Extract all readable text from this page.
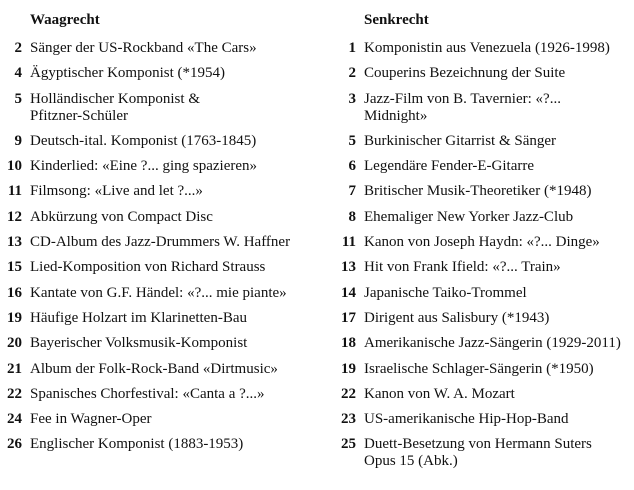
Waagrecht
2 Sänger der US-Rockband «The Cars»
4 Ägyptischer Komponist (*1954)
5 Holländischer Komponist & Pfitzner-Schüler
9 Deutsch-ital. Komponist (1763-1845)
10 Kinderlied: «Eine ?... ging spazieren»
11 Filmsong: «Live and let ?...»
12 Abkürzung von Compact Disc
13 CD-Album des Jazz-Drummers W. Haffner
15 Lied-Komposition von Richard Strauss
16 Kantate von G.F. Händel: «?... mie piante»
19 Häufige Holzart im Klarinetten-Bau
20 Bayerischer Volksmusik-Komponist
21 Album der Folk-Rock-Band «Dirtmusic»
22 Spanisches Chorfestival: «Canta a ?...»
24 Fee in Wagner-Oper
26 Englischer Komponist (1883-1953)
Senkrecht
1 Komponistin aus Venezuela (1926-1998)
2 Couperins Bezeichnung der Suite
3 Jazz-Film von B. Tavernier: «?... Midnight»
5 Burkinischer Gitarrist & Sänger
6 Legendäre Fender-E-Gitarre
7 Britischer Musik-Theoretiker (*1948)
8 Ehemaliger New Yorker Jazz-Club
11 Kanon von Joseph Haydn: «?... Dinge»
13 Hit von Frank Ifield: «?... Train»
14 Japanische Taiko-Trommel
17 Dirigent aus Salisbury (*1943)
18 Amerikanische Jazz-Sängerin (1929-2011)
19 Israelische Schlager-Sängerin (*1950)
22 Kanon von W. A. Mozart
23 US-amerikanische Hip-Hop-Band
25 Duett-Besetzung von Hermann Suters Opus 15 (Abk.)
